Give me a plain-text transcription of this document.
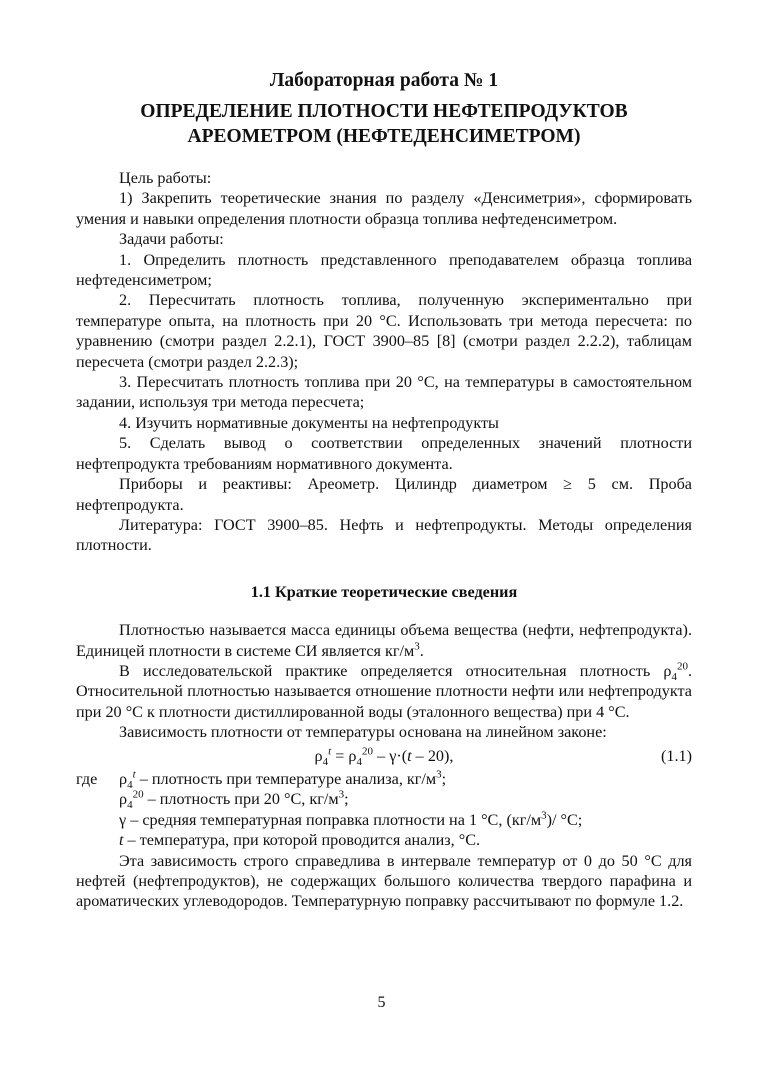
Лабораторная работа № 1
ОПРЕДЕЛЕНИЕ ПЛОТНОСТИ НЕФТЕПРОДУКТОВ
АРЕОМЕТРОМ (НЕФТЕДЕНСИМЕТРОМ)

Цель работы:

1) Закрепить теоретические знания по разделу «Денсиметрия», сформировать умения и навыки определения плотности образца топлива нефтеденсиметром.

Задачи работы:

1. Определить плотность представленного преподавателем образца топлива нефтеденсиметром;

2. Пересчитать плотность топлива, полученную экспериментально при температуре опыта, на плотность при 20 °С. Использовать три метода пересчета: по уравнению (смотри раздел 2.2.1), ГОСТ 3900–85 [8] (смотри раздел 2.2.2), таблицам пересчета (смотри раздел 2.2.3);

3. Пересчитать плотность топлива при 20 °С, на температуры в самостоятельном задании, используя три метода пересчета;

4. Изучить нормативные документы на нефтепродукты

5. Сделать вывод о соответствии определенных значений плотности нефтепродукта требованиям нормативного документа.

Приборы и реактивы: Ареометр. Цилиндр диаметром ≥ 5 см. Проба нефтепродукта.

Литература: ГОСТ 3900–85. Нефть и нефтепродукты. Методы определения плотности.

1.1 Краткие теоретические сведения

Плотностью называется масса единицы объема вещества (нефти, нефтепродукта). Единицей плотности в системе СИ является $кг/м^3$.

В исследовательской практике определяется относительная плотность $\rho_4^{20}$. Относительной плотностью называется отношение плотности нефти или нефтепродукта при 20 °С к плотности дистиллированной воды (эталонного вещества) при 4 °С.

Зависимость плотности от температуры основана на линейном законе:

$\rho_4^t = \rho_4^{20} - \gamma\cdot(t - 20)$,	(1.1)

где $\rho_4^t$ – плотность при температуре анализа, $кг/м^3$;

$\rho_4^{20}$ – плотность при 20 °С, $кг/м^3$;

γ – средняя температурная поправка плотности на 1 °С, $(кг/м^3)/$ °С;

t – температура, при которой проводится анализ, °С.

Эта зависимость строго справедлива в интервале температур от 0 до 50 °С для нефтей (нефтепродуктов), не содержащих большого количества твердого парафина и ароматических углеводородов. Температурную поправку рассчитывают по формуле 1.2.

5
